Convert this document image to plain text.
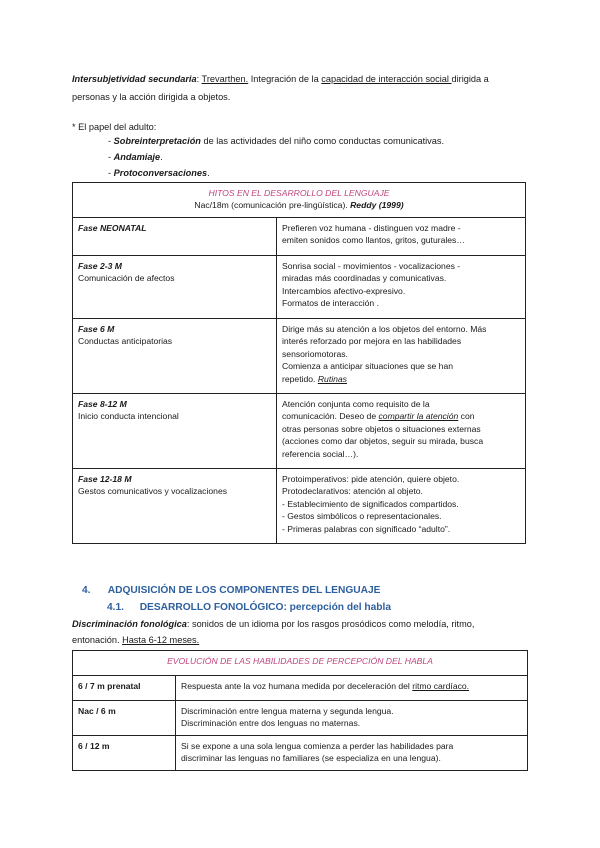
Intersubjetividad secundaria: Trevarthen. Integración de la capacidad de interacción social dirigida a
personas y la acción dirigida a objetos.
* El papel del adulto:
- Sobreinterpretación de las actividades del niño como conductas comunicativas.
- Andamiaje.
- Protoconversaciones.
HITOS EN EL DESARROLLO DEL LENGUAJE
Nac/18m (comunicación pre-lingüística). Reddy (1999)	

Fase NEONATAL	Prefieren voz humana - distinguen voz madre -
emiten sonidos como llantos, gritos, guturales…

Fase 2-3 M
Comunicación de afectos	Sonrisa social - movimientos - vocalizaciones -
miradas más coordinadas y comunicativas.
Intercambios afectivo-expresivo.
Formatos de interacción .

Fase 6 M
Conductas anticipatorias	Dirige más su atención a los objetos del entorno. Más
interés reforzado por mejora en las habilidades
sensoriomotoras.
Comienza a anticipar situaciones que se han
repetido. Rutinas

Fase 8-12 M
Inicio conducta intencional	Atención conjunta como requisito de la
comunicación. Deseo de compartir la atención con
otras personas sobre objetos o situaciones externas
(acciones como dar objetos, seguir su mirada, busca
referencia social…).

Fase 12-18 M
Gestos comunicativos y vocalizaciones	Protoimperativos: pide atención, quiere objeto.
Protodeclarativos: atención al objeto.
- Establecimiento de significados compartidos.
- Gestos simbólicos o representacionales.
- Primeras palabras con significado “adulto”.
4. ADQUISICIÓN DE LOS COMPONENTES DEL LENGUAJE
4.1. DESARROLLO FONOLÓGICO: percepción del habla
Discriminación fonológica: sonidos de un idioma por los rasgos prosódicos como melodía, ritmo,
entonación. Hasta 6-12 meses.
EVOLUCIÓN DE LAS HABILIDADES DE PERCEPCIÓN DEL HABLA	
6 / 7 m prenatal	Respuesta ante la voz humana medida por deceleración del ritmo cardíaco.
Nac / 6 m	Discriminación entre lengua materna y segunda lengua.
Discriminación entre dos lenguas no maternas.

6 / 12 m	Si se expone a una sola lengua comienza a perder las habilidades para
discriminar las lenguas no familiares (se especializa en una lengua).
